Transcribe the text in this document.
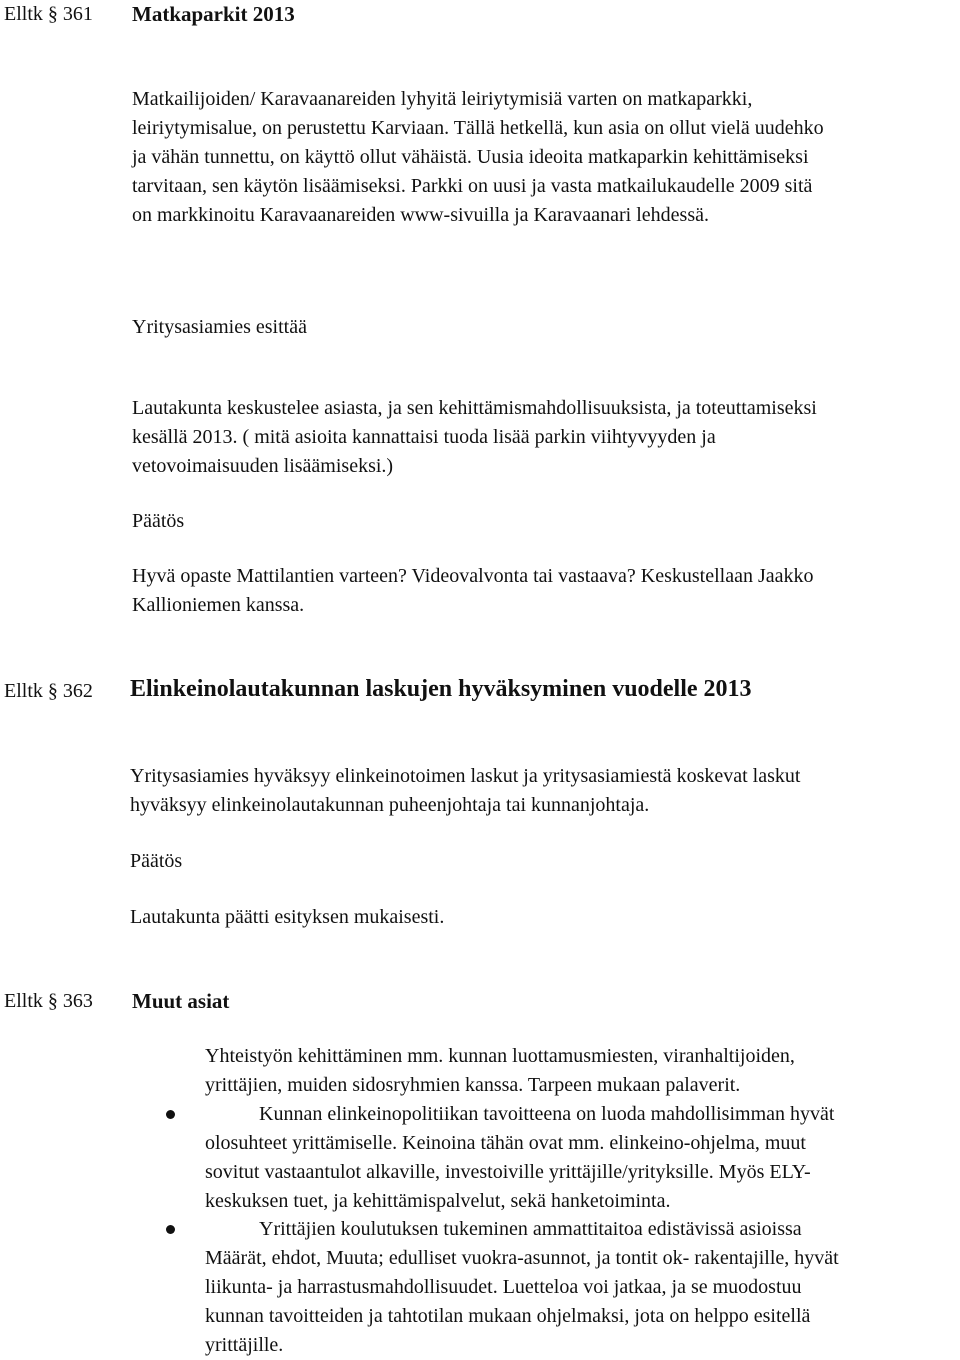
Elltk § 361 Matkaparkit 2013
Matkailijoiden/ Karavaanareiden lyhyitä leiriytymisiä varten on matkaparkki,
leiriytymisalue, on perustettu Karviaan. Tällä hetkellä, kun asia on ollut vielä uudehko
ja vähän tunnettu, on käyttö ollut vähäistä. Uusia ideoita matkaparkin kehittämiseksi
tarvitaan, sen käytön lisäämiseksi. Parkki on uusi ja vasta matkailukaudelle 2009 sitä
on markkinoitu Karavaanareiden www-sivuilla ja Karavaanari lehdessä.
Yritysasiamies esittää
Lautakunta keskustelee asiasta, ja sen kehittämismahdollisuuksista, ja toteuttamiseksi
kesällä 2013. ( mitä asioita kannattaisi tuoda lisää parkin viihtyvyyden ja
vetovoimaisuuden lisäämiseksi.)
Päätös
Hyvä opaste Mattilantien varteen? Videovalvonta tai vastaava? Keskustellaan Jaakko
Kallioniemen kanssa.
Elltk § 362 Elinkeinolautakunnan laskujen hyväksyminen vuodelle 2013
Yritysasiamies hyväksyy elinkeinotoimen laskut ja yritysasiamiestä koskevat laskut
hyväksyy elinkeinolautakunnan puheenjohtaja tai kunnanjohtaja.
Päätös
Lautakunta päätti esityksen mukaisesti.
Elltk § 363 Muut asiat
Yhteistyön kehittäminen mm. kunnan luottamusmiesten, viranhaltijoiden,
yrittäjien, muiden sidosryhmien kanssa. Tarpeen mukaan palaverit.
Kunnan elinkeinopolitiikan tavoitteena on luoda mahdollisimman hyvät
olosuhteet yrittämiselle. Keinoina tähän ovat mm. elinkeino-ohjelma, muut
sovitut vastaantulot alkaville, investoiville yrittäjille/yrityksille. Myös ELY-
keskuksen tuet, ja kehittämispalvelut, sekä hanketoiminta.
Yrittäjien koulutuksen tukeminen ammattitaitoa edistävissä asioissa
Määrät, ehdot, Muuta; edulliset vuokra-asunnot, ja tontit ok- rakentajille, hyvät
liikunta- ja harrastusmahdollisuudet. Luetteloa voi jatkaa, ja se muodostuu
kunnan tavoitteiden ja tahtotilan mukaan ohjelmaksi, jota on helppo esitellä
yrittäjille.
